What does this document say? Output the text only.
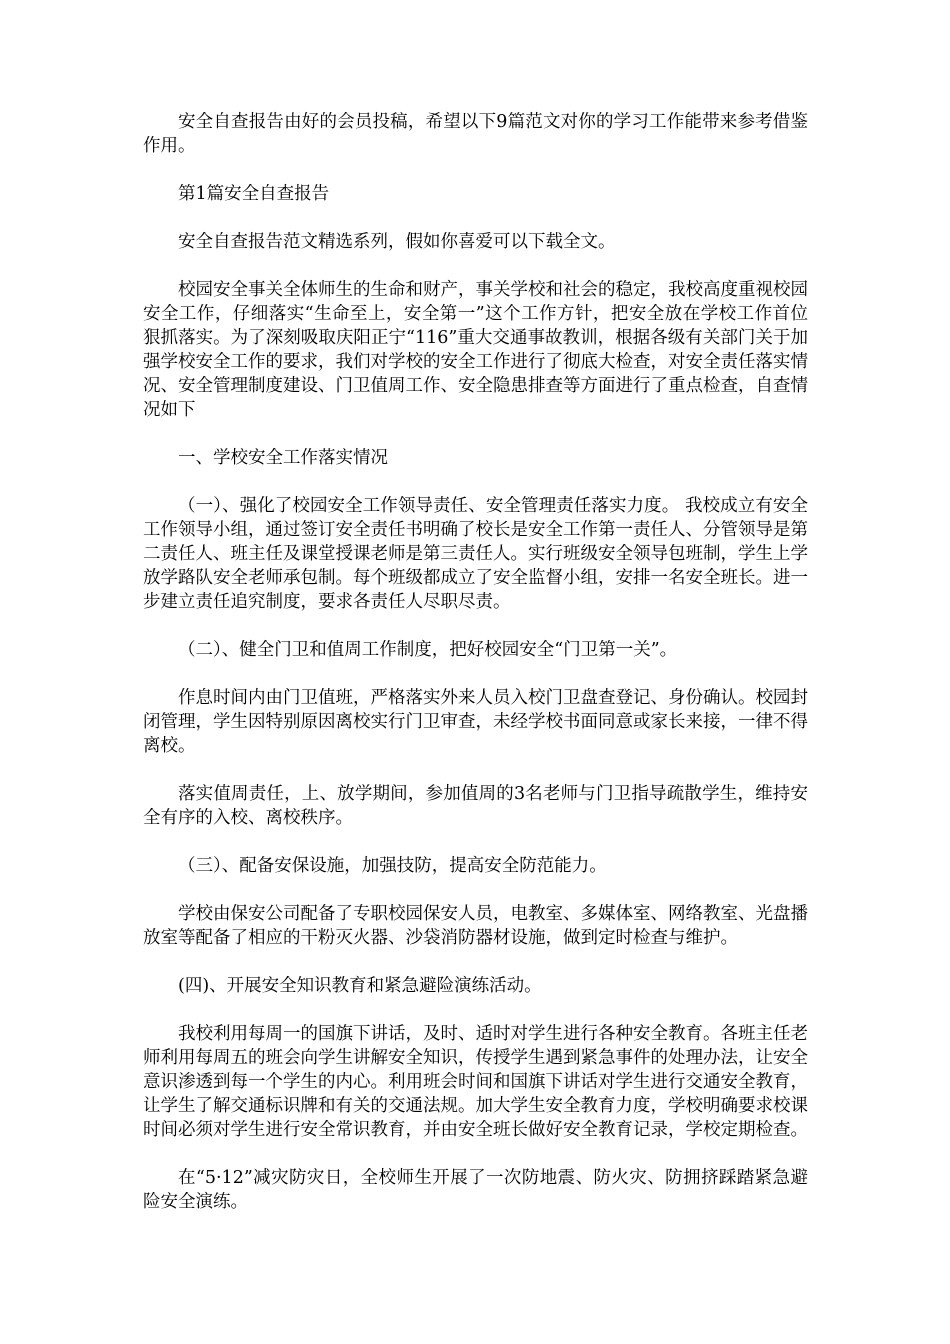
安全自查报告由好的会员投稿，希望以下9篇范文对你的学习工作能带来参考借鉴作用。

第1篇安全自查报告

安全自查报告范文精选系列，假如你喜爱可以下载全文。

校园安全事关全体师生的生命和财产，事关学校和社会的稳定，我校高度重视校园安全工作，仔细落实“生命至上，安全第一”这个工作方针，把安全放在学校工作首位狠抓落实。为了深刻吸取庆阳正宁“116”重大交通事故教训，根据各级有关部门关于加强学校安全工作的要求，我们对学校的安全工作进行了彻底大检查，对安全责任落实情况、安全管理制度建设、门卫值周工作、安全隐患排查等方面进行了重点检查，自查情况如下

一、学校安全工作落实情况

（一）、强化了校园安全工作领导责任、安全管理责任落实力度。 我校成立有安全工作领导小组，通过签订安全责任书明确了校长是安全工作第一责任人、分管领导是第二责任人、班主任及课堂授课老师是第三责任人。实行班级安全领导包班制，学生上学放学路队安全老师承包制。每个班级都成立了安全监督小组，安排一名安全班长。进一步建立责任追究制度，要求各责任人尽职尽责。

（二）、健全门卫和值周工作制度，把好校园安全“门卫第一关”。

作息时间内由门卫值班，严格落实外来人员入校门卫盘查登记、身份确认。校园封闭管理，学生因特别原因离校实行门卫审查，未经学校书面同意或家长来接，一律不得离校。

落实值周责任，上、放学期间，参加值周的3名老师与门卫指导疏散学生，维持安全有序的入校、离校秩序。

（三）、配备安保设施，加强技防，提高安全防范能力。

学校由保安公司配备了专职校园保安人员，电教室、多媒体室、网络教室、光盘播放室等配备了相应的干粉灭火器、沙袋消防器材设施，做到定时检查与维护。

(四)、开展安全知识教育和紧急避险演练活动。

我校利用每周一的国旗下讲话，及时、适时对学生进行各种安全教育。各班主任老师利用每周五的班会向学生讲解安全知识，传授学生遇到紧急事件的处理办法，让安全意识渗透到每一个学生的内心。利用班会时间和国旗下讲话对学生进行交通安全教育，让学生了解交通标识牌和有关的交通法规。加大学生安全教育力度，学校明确要求校课时间必须对学生进行安全常识教育，并由安全班长做好安全教育记录，学校定期检查。

在“5·12”减灾防灾日，全校师生开展了一次防地震、防火灾、防拥挤踩踏紧急避险安全演练。
